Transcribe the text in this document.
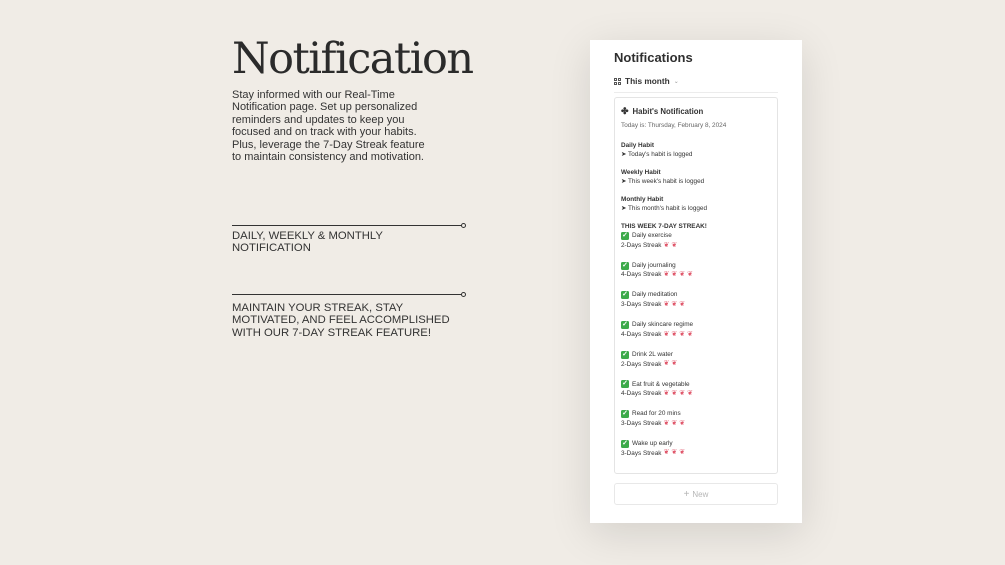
Notification

Stay informed with our Real-Time Notification page. Set up personalized reminders and updates to keep you focused and on track with your habits. Plus, leverage the 7-Day Streak feature to maintain consistency and motivation.

DAILY, WEEKLY & MONTHLY NOTIFICATION

MAINTAIN YOUR STREAK, STAY MOTIVATED, AND FEEL ACCOMPLISHED WITH OUR 7-DAY STREAK FEATURE!

Notifications
This month ⌄
✤ Habit's Notification
Today is: Thursday, February 8, 2024
Daily Habit
➤ Today's habit is logged
Weekly Habit
➤ This week's habit is logged
Monthly Habit
➤ This month's habit is logged
THIS WEEK 7-DAY STREAK!
✓ Daily exercise
2-Days Streak ❦ ❦
✓ Daily journaling
4-Days Streak ❦ ❦ ❦ ❦
✓ Daily meditation
3-Days Streak ❦ ❦ ❦
✓ Daily skincare regime
4-Days Streak ❦ ❦ ❦ ❦
✓ Drink 2L water
2-Days Streak ❦ ❦
✓ Eat fruit & vegetable
4-Days Streak ❦ ❦ ❦ ❦
✓ Read for 20 mins
3-Days Streak ❦ ❦ ❦
✓ Wake up early
3-Days Streak ❦ ❦ ❦
+ New
